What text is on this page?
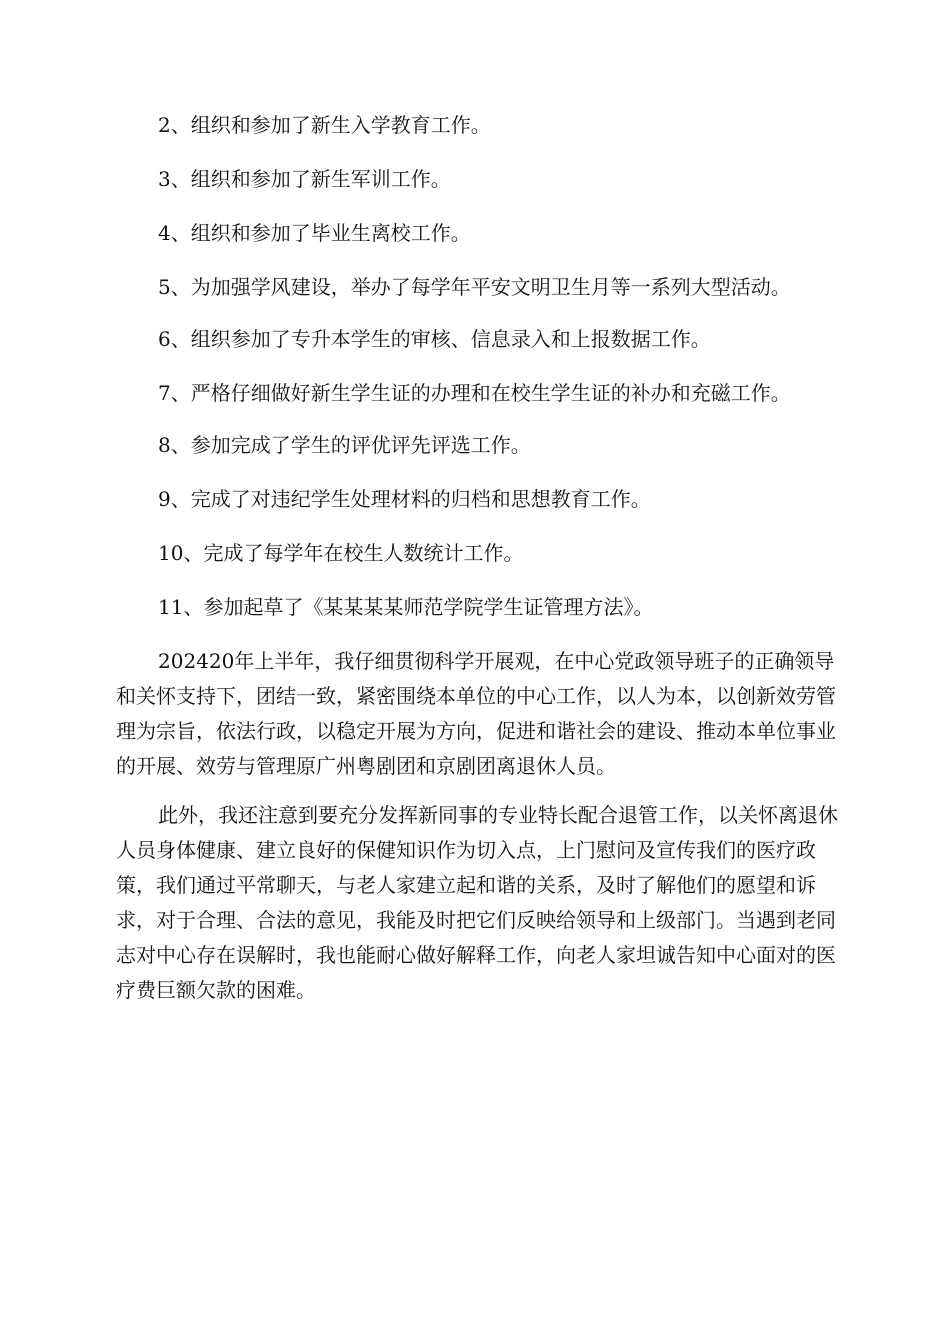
2、组织和参加了新生入学教育工作。

3、组织和参加了新生军训工作。

4、组织和参加了毕业生离校工作。

5、为加强学风建设，举办了每学年平安文明卫生月等一系列大型活动。

6、组织参加了专升本学生的审核、信息录入和上报数据工作。

7、严格仔细做好新生学生证的办理和在校生学生证的补办和充磁工作。

8、参加完成了学生的评优评先评选工作。

9、完成了对违纪学生处理材料的归档和思想教育工作。

10、完成了每学年在校生人数统计工作。

11、参加起草了《某某某某师范学院学生证管理方法》。

202420年上半年，我仔细贯彻科学开展观，在中心党政领导班子的正确领导和关怀支持下，团结一致，紧密围绕本单位的中心工作，以人为本，以创新效劳管理为宗旨，依法行政，以稳定开展为方向，促进和谐社会的建设、推动本单位事业的开展、效劳与管理原广州粤剧团和京剧团离退休人员。

此外，我还注意到要充分发挥新同事的专业特长配合退管工作，以关怀离退休人员身体健康、建立良好的保健知识作为切入点，上门慰问及宣传我们的医疗政策，我们通过平常聊天，与老人家建立起和谐的关系，及时了解他们的愿望和诉求，对于合理、合法的意见，我能及时把它们反映给领导和上级部门。当遇到老同志对中心存在误解时，我也能耐心做好解释工作，向老人家坦诚告知中心面对的医疗费巨额欠款的困难。
